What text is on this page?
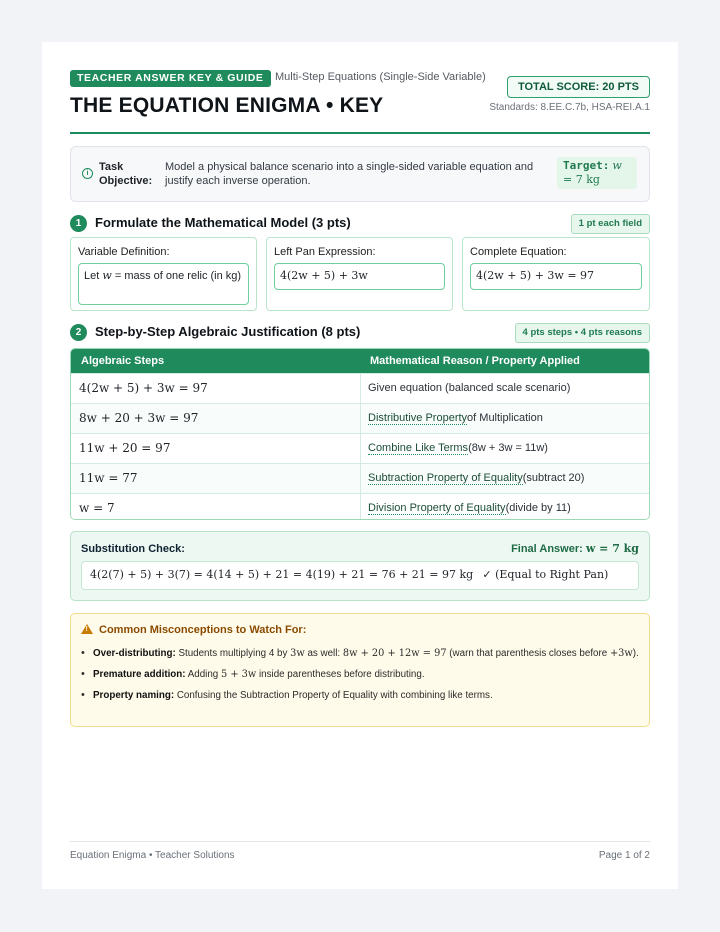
TEACHER ANSWER KEY & GUIDE	Multi-Step Equations (Single-Side Variable)
THE EQUATION ENIGMA • KEY
TOTAL SCORE: 20 PTS
Standards: 8.EE.C.7b, HSA-REI.A.1
i
Task Objective:
Model a physical balance scenario into a single-sided variable equation and justify each inverse operation.
Target: w = 7 kg
1	Formulate the Mathematical Model (3 pts)	1 pt each field
Variable Definition:
Let w = mass of one relic (in kg)
Left Pan Expression:
4(2w + 5) + 3w
Complete Equation:
4(2w + 5) + 3w = 97
2	Step-by-Step Algebraic Justification (8 pts)	4 pts steps • 4 pts reasons
Algebraic Steps	Mathematical Reason / Property Applied
4(2w + 5) + 3w = 97	Given equation (balanced scale scenario)
8w + 20 + 3w = 97	Distributive Propertyof Multiplication
11w + 20 = 97	Combine Like Terms(8w + 3w = 11w)
11w = 77	Subtraction Property of Equality(subtract 20)
w = 7	Division Property of Equality(divide by 11)
Substitution Check:	Final Answer: w = 7 kg
4(2(7) + 5) + 3(7) = 4(14 + 5) + 21 = 4(19) + 21 = 76 + 21 = 97 kg ✓ (Equal to Right Pan)
!Common Misconceptions to Watch For:
• Over-distributing: Students multiplying 4 by 3w as well: 8w + 20 + 12w = 97 (warn that parenthesis closes before +3w).
• Premature addition: Adding 5 + 3w inside parentheses before distributing.
• Property naming: Confusing the Subtraction Property of Equality with combining like terms.
Equation Enigma • Teacher Solutions	Page 1 of 2
